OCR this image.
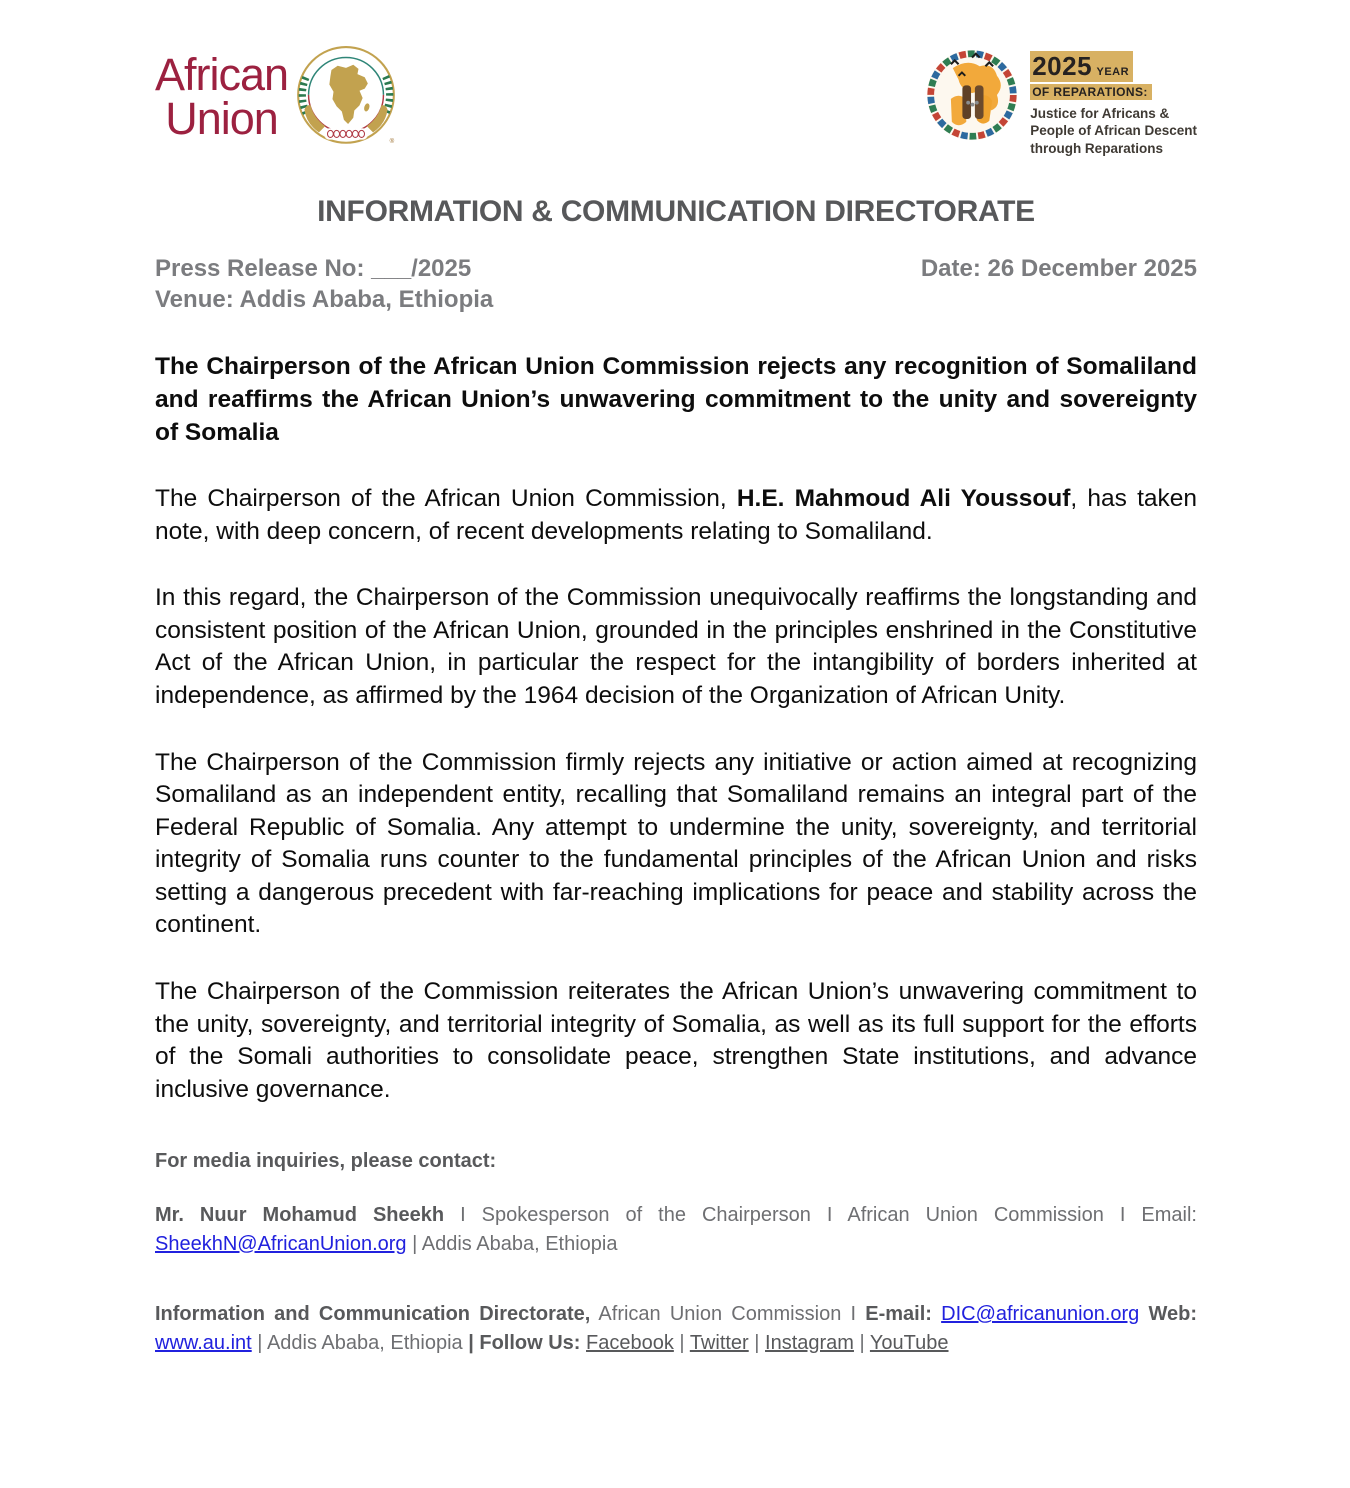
African
Union	®
2025 YEAR
OF REPARATIONS:
Justice for Africans &
People of African Descent
through Reparations
INFORMATION & COMMUNICATION DIRECTORATE
Press Release No: ___/2025	Date: 26 December 2025
Venue: Addis Ababa, Ethiopia

The Chairperson of the African Union Commission rejects any recognition of Somaliland and reaffirms the African Union’s unwavering commitment to the unity and sovereignty of Somalia

The Chairperson of the African Union Commission, H.E. Mahmoud Ali Youssouf, has taken note, with deep concern, of recent developments relating to Somaliland.

In this regard, the Chairperson of the Commission unequivocally reaffirms the longstanding and consistent position of the African Union, grounded in the principles enshrined in the Constitutive Act of the African Union, in particular the respect for the intangibility of borders inherited at independence, as affirmed by the 1964 decision of the Organization of African Unity.

The Chairperson of the Commission firmly rejects any initiative or action aimed at recognizing Somaliland as an independent entity, recalling that Somaliland remains an integral part of the Federal Republic of Somalia. Any attempt to undermine the unity, sovereignty, and territorial integrity of Somalia runs counter to the fundamental principles of the African Union and risks setting a dangerous precedent with far-reaching implications for peace and stability across the continent.

The Chairperson of the Commission reiterates the African Union’s unwavering commitment to the unity, sovereignty, and territorial integrity of Somalia, as well as its full support for the efforts of the Somali authorities to consolidate peace, strengthen State institutions, and advance inclusive governance.

For media inquiries, please contact:

Mr. Nuur Mohamud Sheekh I Spokesperson of the Chairperson I African Union Commission I Email: SheekhN@AfricanUnion.org | Addis Ababa, Ethiopia

Information and Communication Directorate, African Union Commission I E-mail: DIC@africanunion.org Web: www.au.int | Addis Ababa, Ethiopia | Follow Us: Facebook | Twitter | Instagram | YouTube
